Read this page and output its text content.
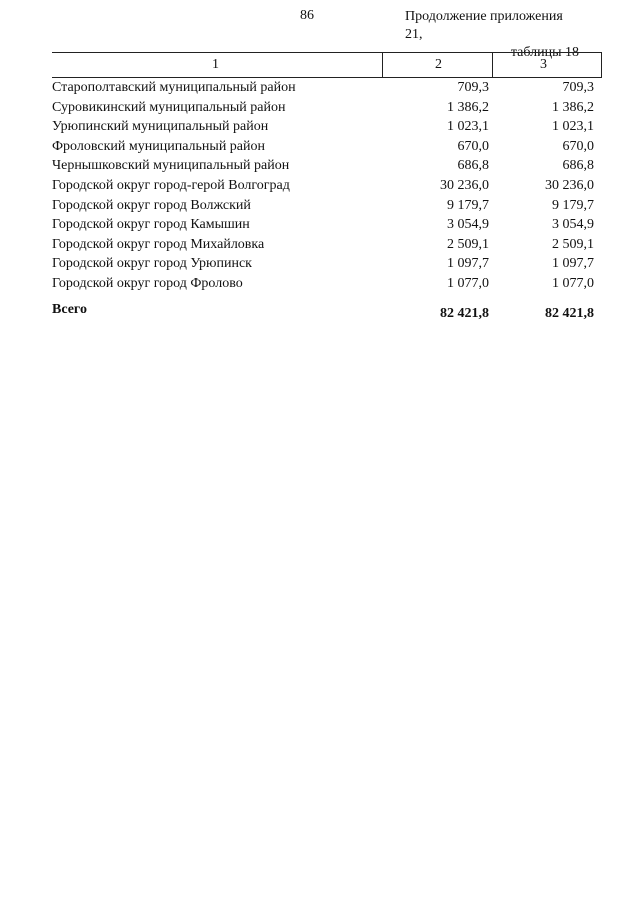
86	Продолжение приложения 21,
таблицы 18
1	2	3
Старополтавский муниципальный район	709,3	709,3
Суровикинский муниципальный район	1 386,2	1 386,2
Урюпинский муниципальный район	1 023,1	1 023,1
Фроловский муниципальный район	670,0	670,0
Чернышковский муниципальный район	686,8	686,8
Городской округ город-герой Волгоград	30 236,0	30 236,0
Городской округ город Волжский	9 179,7	9 179,7
Городской округ город Камышин	3 054,9	3 054,9
Городской округ город Михайловка	2 509,1	2 509,1
Городской округ город Урюпинск	1 097,7	1 097,7
Городской округ город Фролово	1 077,0	1 077,0
Всего	82 421,8	82 421,8
